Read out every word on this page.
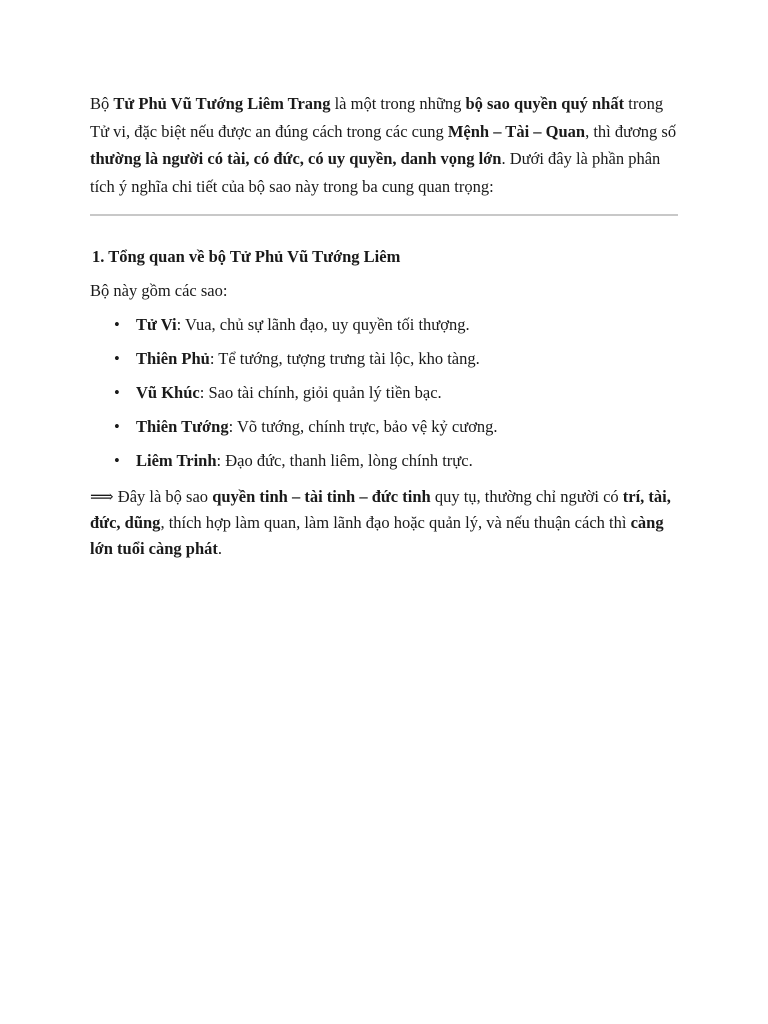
Bộ Tử Phủ Vũ Tướng Liêm Trang là một trong những bộ sao quyền quý nhất trong Tử vi, đặc biệt nếu được an đúng cách trong các cung Mệnh – Tài – Quan, thì đương số thường là người có tài, có đức, có uy quyền, danh vọng lớn. Dưới đây là phần phân tích ý nghĩa chi tiết của bộ sao này trong ba cung quan trọng:

1. Tổng quan về bộ Tử Phủ Vũ Tướng Liêm

Bộ này gồm các sao:

• Tử Vi: Vua, chủ sự lãnh đạo, uy quyền tối thượng.
• Thiên Phủ: Tể tướng, tượng trưng tài lộc, kho tàng.
• Vũ Khúc: Sao tài chính, giỏi quản lý tiền bạc.
• Thiên Tướng: Võ tướng, chính trực, bảo vệ kỷ cương.
• Liêm Trinh: Đạo đức, thanh liêm, lòng chính trực.

⟹ Đây là bộ sao quyền tinh – tài tinh – đức tinh quy tụ, thường chỉ người có trí, tài, đức, dũng, thích hợp làm quan, làm lãnh đạo hoặc quản lý, và nếu thuận cách thì càng lớn tuổi càng phát.
